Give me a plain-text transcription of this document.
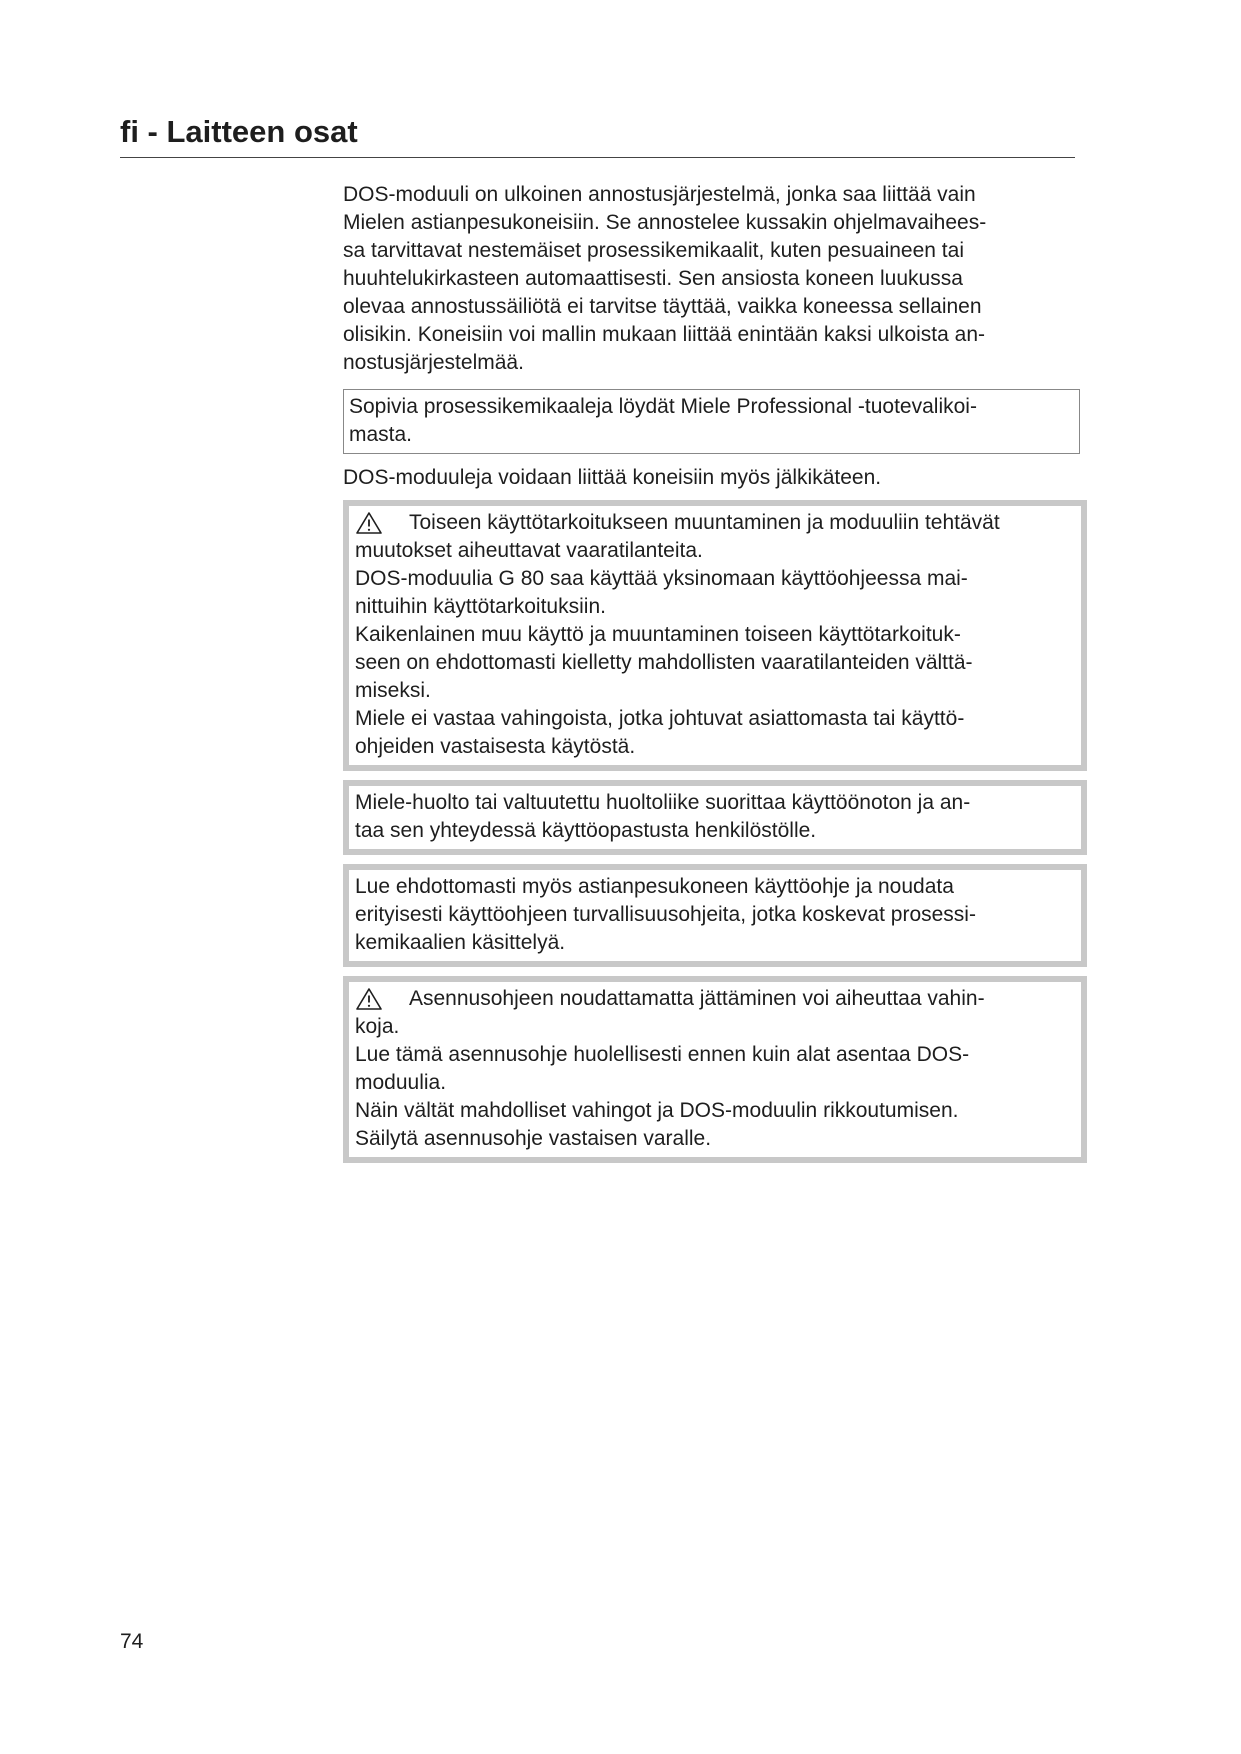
fi - Laitteen osat

DOS-moduuli on ulkoinen annostusjärjestelmä, jonka saa liittää vain
Mielen astianpesukoneisiin. Se annostelee kussakin ohjelmavaihees-
sa tarvittavat nestemäiset prosessikemikaalit, kuten pesuaineen tai
huuhtelukirkasteen automaattisesti. Sen ansiosta koneen luukussa
olevaa annostussäiliötä ei tarvitse täyttää, vaikka koneessa sellainen
olisikin. Koneisiin voi mallin mukaan liittää enintään kaksi ulkoista an-
nostusjärjestelmää.

Sopivia prosessikemikaaleja löydät Miele Professional -tuotevalikoi-
masta.

DOS-moduuleja voidaan liittää koneisiin myös jälkikäteen.

Toiseen käyttötarkoitukseen muuntaminen ja moduuliin tehtävät

muutokset aiheuttavat vaaratilanteita.

DOS-moduulia G 80 saa käyttää yksinomaan käyttöohjeessa mai-
nittuihin käyttötarkoituksiin.

Kaikenlainen muu käyttö ja muuntaminen toiseen käyttötarkoituk-
seen on ehdottomasti kielletty mahdollisten vaaratilanteiden välttä-
miseksi.

Miele ei vastaa vahingoista, jotka johtuvat asiattomasta tai käyttö-
ohjeiden vastaisesta käytöstä.

Miele-huolto tai valtuutettu huoltoliike suorittaa käyttöönoton ja an-
taa sen yhteydessä käyttöopastusta henkilöstölle.

Lue ehdottomasti myös astianpesukoneen käyttöohje ja noudata
erityisesti käyttöohjeen turvallisuusohjeita, jotka koskevat prosessi-
kemikaalien käsittelyä.

Asennusohjeen noudattamatta jättäminen voi aiheuttaa vahin-

koja.

Lue tämä asennusohje huolellisesti ennen kuin alat asentaa DOS-
moduulia.

Näin vältät mahdolliset vahingot ja DOS-moduulin rikkoutumisen.

Säilytä asennusohje vastaisen varalle.

74
